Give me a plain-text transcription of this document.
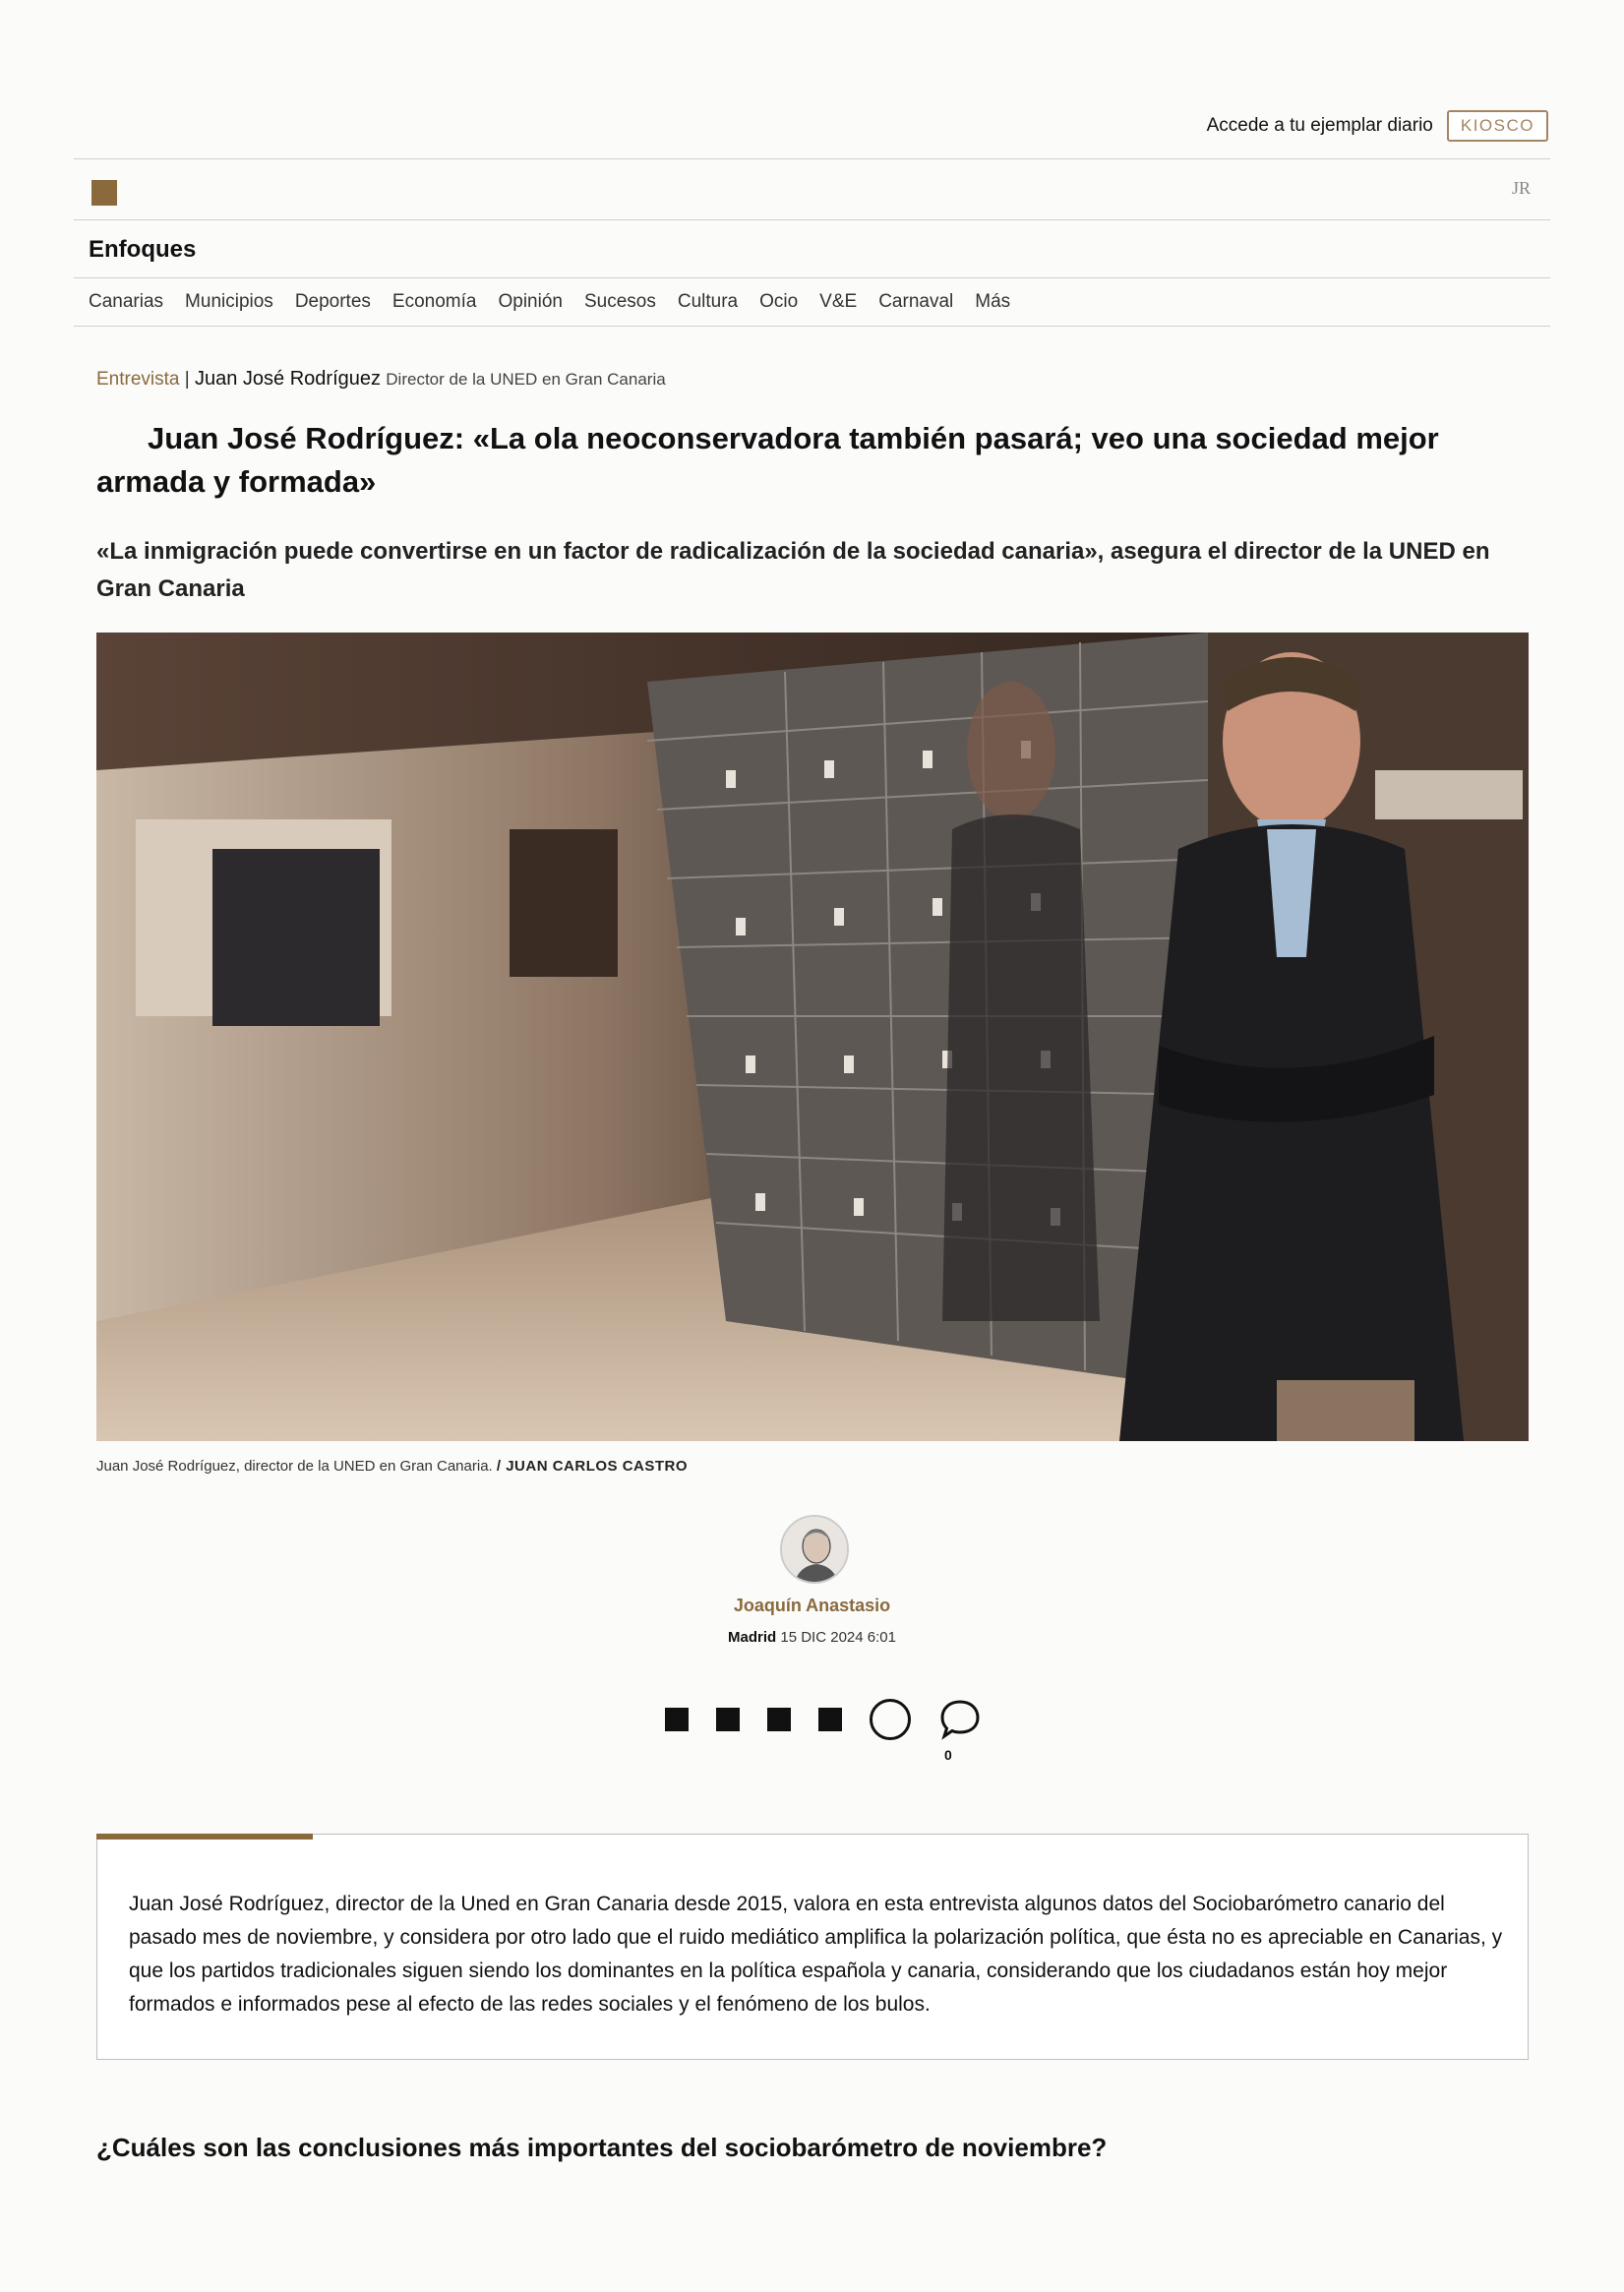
Accede a tu ejemplar diario	KIOSCO
JR
Enfoques
Canarias Municipios Deportes Economía Opinión Sucesos Cultura Ocio V&E Carnaval Más
Entrevista | Juan José Rodríguez Director de la UNED en Gran Canaria
Juan José Rodríguez: «La ola neoconservadora también pasará; veo una sociedad mejor armada y formada»
«La inmigración puede convertirse en un factor de radicalización de la sociedad canaria», asegura el director de la UNED en Gran Canaria
Juan José Rodríguez, director de la UNED en Gran Canaria. / JUAN CARLOS CASTRO
Joaquín Anastasio
Madrid 15 DIC 2024 6:01
0

Juan José Rodríguez, director de la Uned en Gran Canaria desde 2015, valora en esta entrevista algunos datos del Sociobarómetro canario del pasado mes de noviembre, y considera por otro lado que el ruido mediático amplifica la polarización política, que ésta no es apreciable en Canarias, y que los partidos tradicionales siguen siendo los dominantes en la política española y canaria, considerando que los ciudadanos están hoy mejor formados e informados pese al efecto de las redes sociales y el fenómeno de los bulos.

¿Cuáles son las conclusiones más importantes del sociobarómetro de noviembre?
